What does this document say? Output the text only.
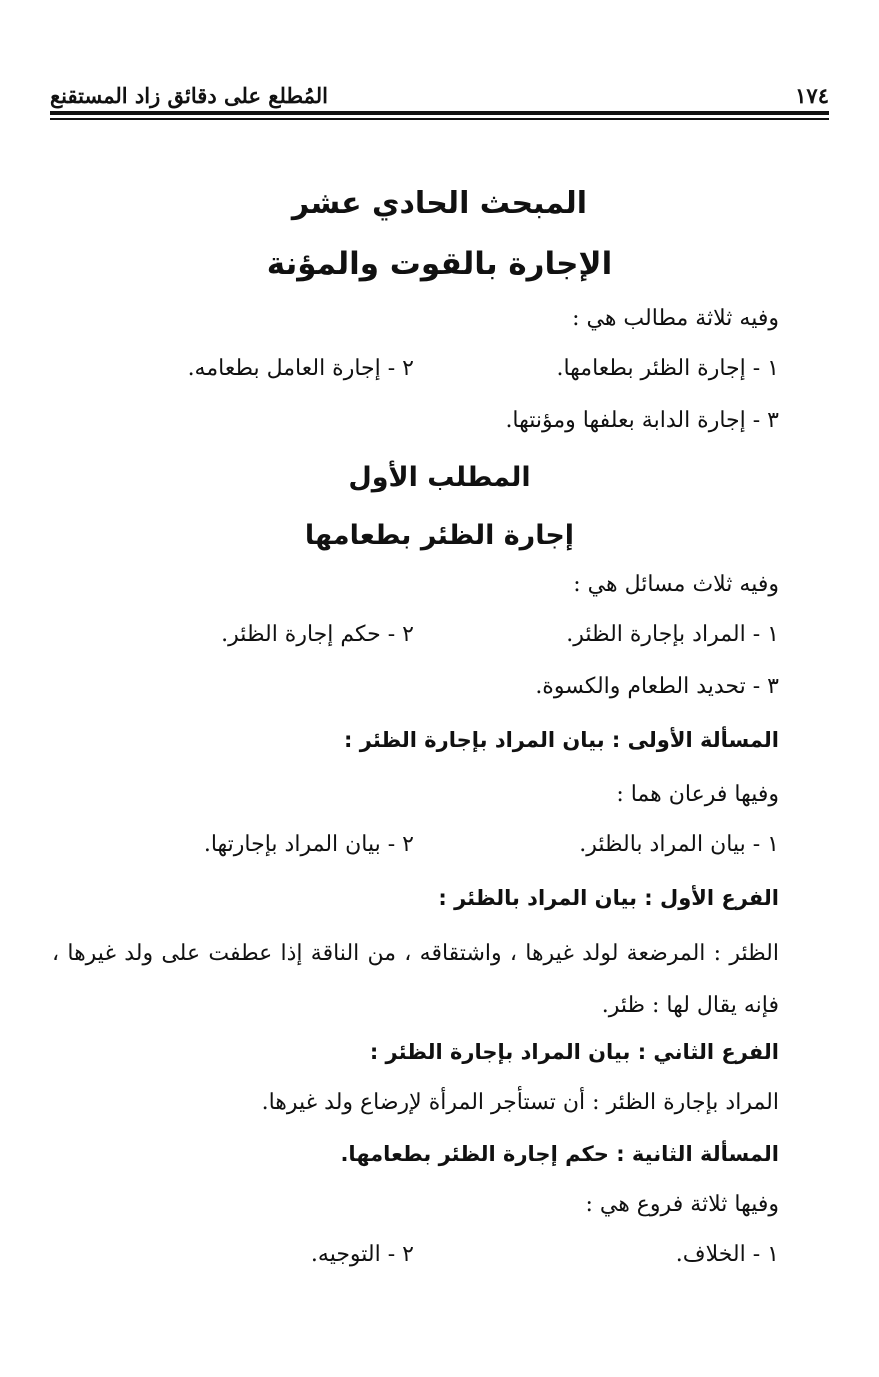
١٧٤
المُطلع على دقائق زاد المستقنع
المبحث الحادي عشر
الإجارة بالقوت والمؤنة
وفيه ثلاثة مطالب هي :
١ - إجارة الظئر بطعامها.
٢ - إجارة العامل بطعامه.
٣ - إجارة الدابة بعلفها ومؤنتها.
المطلب الأول
إجارة الظئر بطعامها
وفيه ثلاث مسائل هي :
١ - المراد بإجارة الظئر.
٢ - حكم إجارة الظئر.
٣ - تحديد الطعام والكسوة.
المسألة الأولى : بيان المراد بإجارة الظئر :
وفيها فرعان هما :
١ - بيان المراد بالظئر.
٢ - بيان المراد بإجارتها.
الفرع الأول : بيان المراد بالظئر :
الظئر : المرضعة لولد غيرها ، واشتقاقه ، من الناقة إذا عطفت على ولد غيرها ، فإنه يقال لها : ظئر.
الفرع الثاني : بيان المراد بإجارة الظئر :
المراد بإجارة الظئر : أن تستأجر المرأة لإرضاع ولد غيرها.
المسألة الثانية : حكم إجارة الظئر بطعامها.
وفيها ثلاثة فروع هي :
١ - الخلاف.
٢ - التوجيه.
